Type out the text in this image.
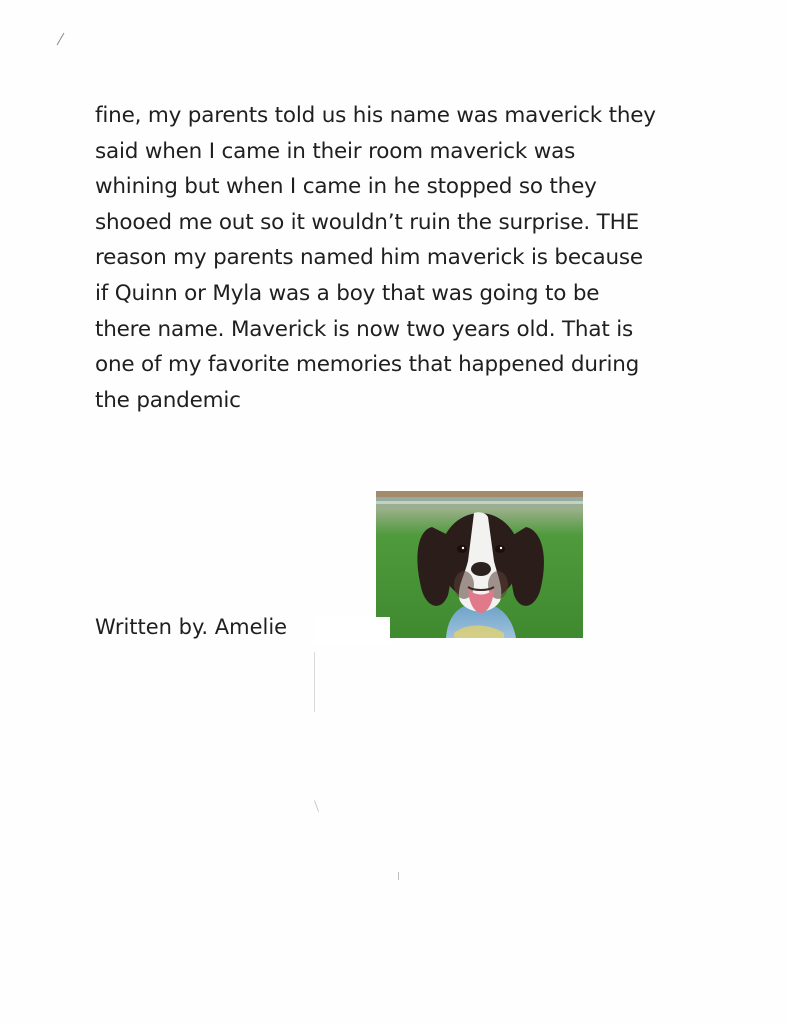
fine, my parents told us his name was maverick they
said when I came in their room maverick was
whining but when I came in he stopped so they
shooed me out so it wouldn’t ruin the surprise. THE
reason my parents named him maverick is because
if Quinn or Myla was a boy that was going to be
there name. Maverick is now two years old. That is
one of my favorite memories that happened during
the pandemic
Written by. Amelie
